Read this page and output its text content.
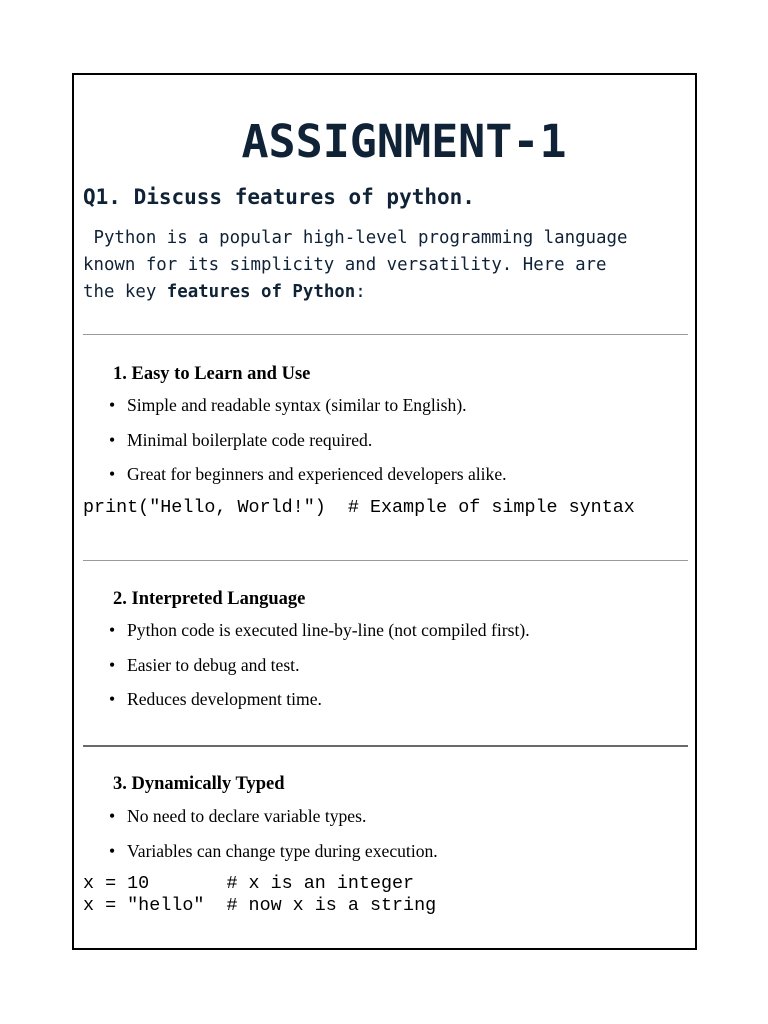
ASSIGNMENT-1
Q1. Discuss features of python.
Python is a popular high-level programming language
known for its simplicity and versatility. Here are
the key features of Python:
1. Easy to Learn and Use
• Simple and readable syntax (similar to English).
• Minimal boilerplate code required.
• Great for beginners and experienced developers alike.
print("Hello, World!")  # Example of simple syntax
2. Interpreted Language
• Python code is executed line-by-line (not compiled first).
• Easier to debug and test.
• Reduces development time.
3. Dynamically Typed
• No need to declare variable types.
• Variables can change type during execution.
x = 10       # x is an integer
x = "hello"  # now x is a string
